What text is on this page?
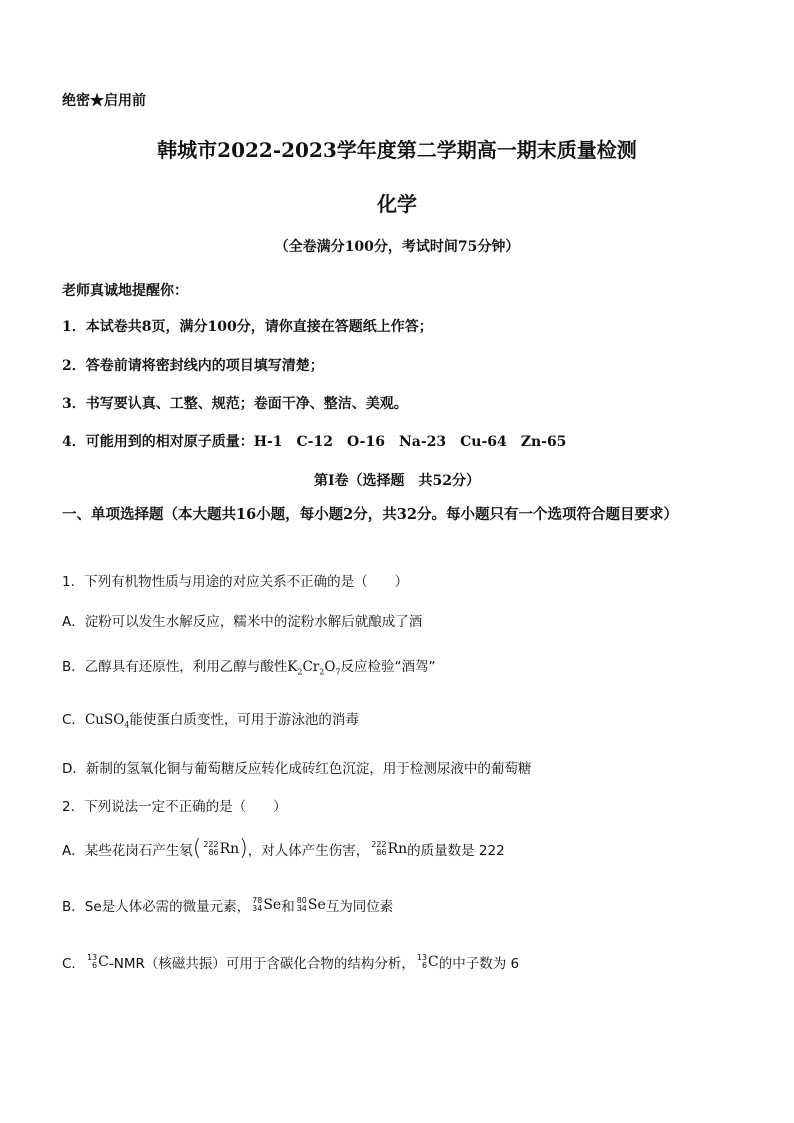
绝密★启用前
韩城市2022-2023学年度第二学期高一期末质量检测
化学
（全卷满分100分，考试时间75分钟）
老师真诚地提醒你：
1．本试卷共8页，满分100分，请你直接在答题纸上作答；
2．答卷前请将密封线内的项目填写清楚；
3．书写要认真、工整、规范；卷面干净、整洁、美观。
4．可能用到的相对原子质量：H-1　C-12　O-16　Na-23　Cu-64　Zn-65
第Ⅰ卷（选择题　共52分）
一、单项选择题（本大题共16小题，每小题2分，共32分。每小题只有一个选项符合题目要求）
1．下列有机物性质与用途的对应关系不正确的是（　　）
A．淀粉可以发生水解反应，糯米中的淀粉水解后就酿成了酒
B．乙醇具有还原性，利用乙醇与酸性$K_2Cr_2O_7$反应检验“酒驾”
C．CuSO$_4$能使蛋白质变性，可用于游泳池的消毒
D．新制的氢氧化铜与葡萄糖反应转化成砖红色沉淀，用于检测尿液中的葡萄糖
2．下列说法一定不正确的是（　　）
A．某些花岗石产生氡 ( 222
86 Rn ) ，对人体产生伤害， 222
86 Rn 的质量数是 222
B．Se是人体必需的微量元素， 78
34 Se 和 80
34 Se 互为同位素
C． 13
6 C -NMR（核磁共振）可用于含碳化合物的结构分析， 13
6 C 的中子数为 6
